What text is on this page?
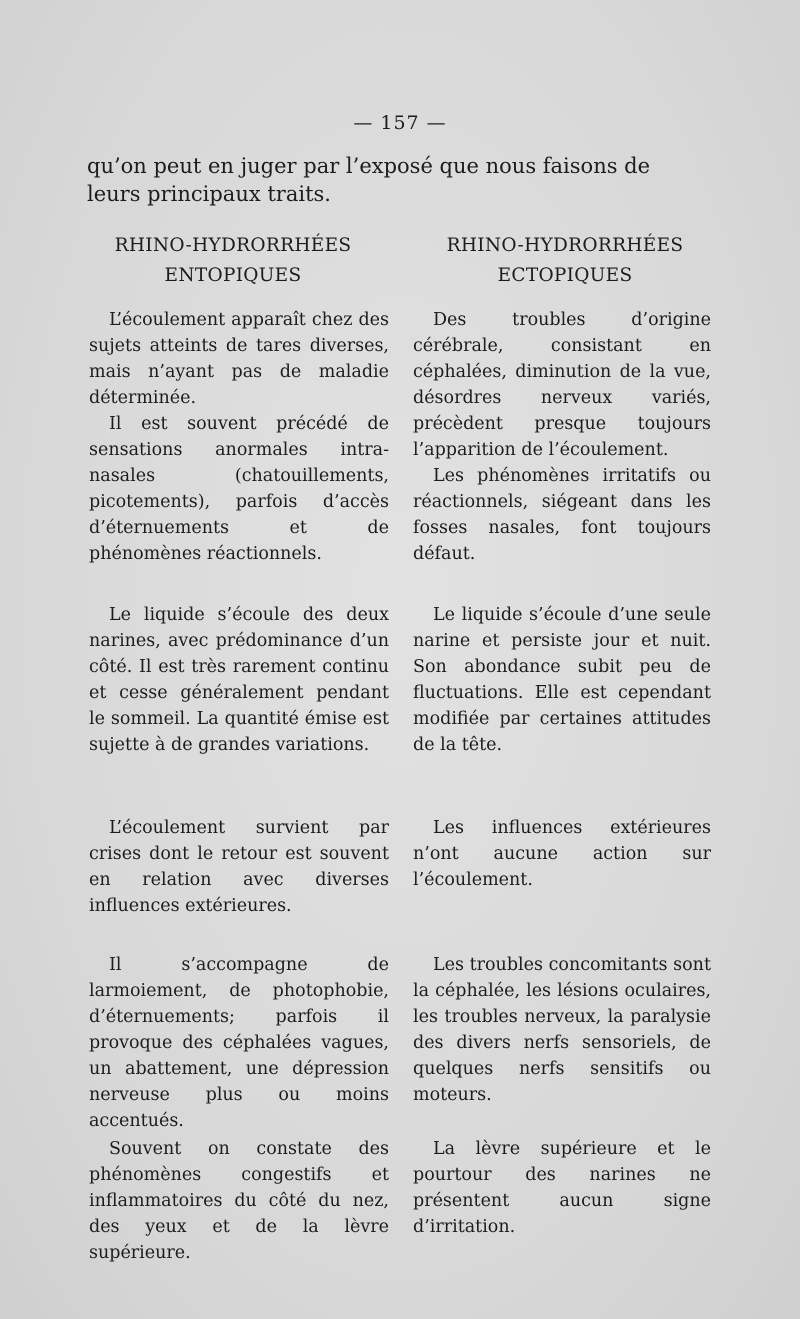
— 157 —
qu’on peut en juger par l’exposé que nous faisons de leurs principaux traits.
RHINO-HYDRORRHÉES
ENTOPIQUES
RHINO-HYDRORRHÉES
ECTOPIQUES

L’écoulement apparaît chez des sujets atteints de tares diverses, mais n’ayant pas de maladie déterminée.

Il est souvent précédé de sensations anormales intra-nasales (chatouillements, picotements), parfois d’accès d’éternuements et de phénomènes réactionnels.

Des troubles d’origine cérébrale, consistant en céphalées, diminution de la vue, désordres nerveux variés, précèdent presque toujours l’apparition de l’écoulement.

Les phénomènes irritatifs ou réactionnels, siégeant dans les fosses nasales, font toujours défaut.

Le liquide s’écoule des deux narines, avec prédominance d’un côté. Il est très rarement continu et cesse généralement pendant le sommeil. La quantité émise est sujette à de grandes variations.

Le liquide s’écoule d’une seule narine et persiste jour et nuit. Son abondance subit peu de fluctuations. Elle est cependant modifiée par certaines attitudes de la tête.

L’écoulement survient par crises dont le retour est souvent en relation avec diverses influences extérieures.

Les influences extérieures n’ont aucune action sur l’écoulement.

Il s’accompagne de larmoiement, de photophobie, d’éternuements; parfois il provoque des céphalées vagues, un abattement, une dépression nerveuse plus ou moins accentués.

Les troubles concomitants sont la céphalée, les lésions oculaires, les troubles nerveux, la paralysie des divers nerfs sensoriels, de quelques nerfs sensitifs ou moteurs.

Souvent on constate des phénomènes congestifs et inflammatoires du côté du nez, des yeux et de la lèvre supérieure.

La lèvre supérieure et le pourtour des narines ne présentent aucun signe d’irritation.
